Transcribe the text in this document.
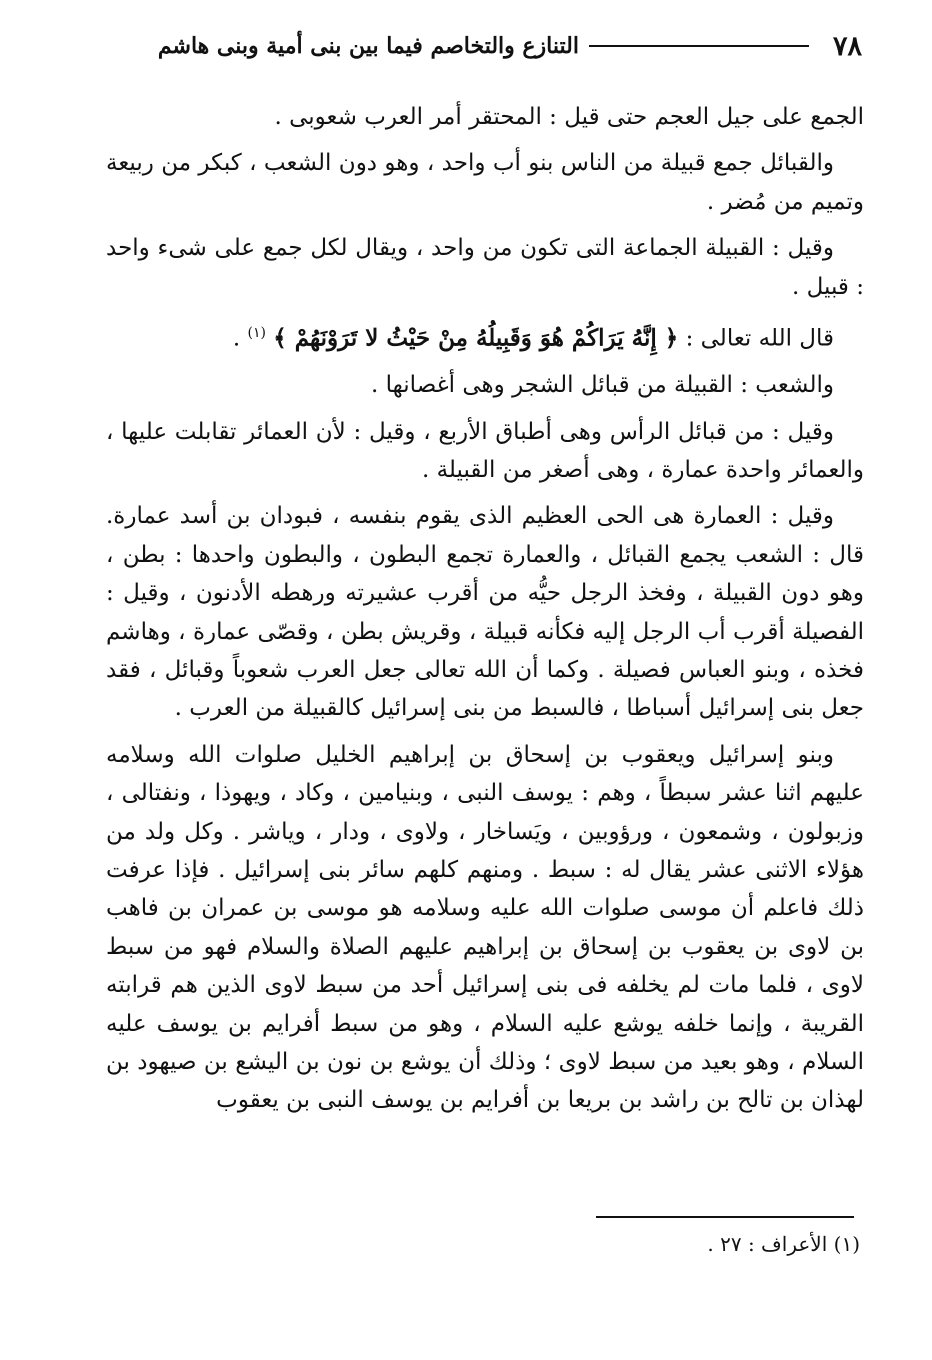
٧٨
التنازع والتخاصم فيما بين بنى أمية وبنى هاشم

الجمع على جيل العجم حتى قيل : المحتقر أمر العرب شعوبى .

والقبائل جمع قبيلة من الناس بنو أب واحد ، وهو دون الشعب ، كبكر من ربيعة وتميم من مُضر .

وقيل : القبيلة الجماعة التى تكون من واحد ، ويقال لكل جمع على شىء واحد : قبيل .

قال الله تعالى : ﴿ إِنَّهُ يَرَاكُمْ هُوَ وَقَبِيلُهُ مِنْ حَيْثُ لا تَرَوْنَهُمْ ﴾ $^{(١)}$ .

والشعب : القبيلة من قبائل الشجر وهى أغصانها .

وقيل : من قبائل الرأس وهى أطباق الأربع ، وقيل : لأن العمائر تقابلت عليها ، والعمائر واحدة عمارة ، وهى أصغر من القبيلة .

وقيل : العمارة هى الحى العظيم الذى يقوم بنفسه ، فبودان بن أسد عمارة. قال : الشعب يجمع القبائل ، والعمارة تجمع البطون ، والبطون واحدها : بطن ، وهو دون القبيلة ، وفخذ الرجل حيُّه من أقرب عشيرته ورهطه الأدنون ، وقيل : الفصيلة أقرب أب الرجل إليه فكأنه قبيلة ، وقريش بطن ، وقصّى عمارة ، وهاشم فخذه ، وبنو العباس فصيلة . وكما أن الله تعالى جعل العرب شعوباً وقبائل ، فقد جعل بنى إسرائيل أسباطا ، فالسبط من بنى إسرائيل كالقبيلة من العرب .

وبنو إسرائيل ويعقوب بن إسحاق بن إبراهيم الخليل صلوات الله وسلامه عليهم اثنا عشر سبطاً ، وهم : يوسف النبى ، وبنيامين ، وكاد ، ويهوذا ، ونفتالى ، وزبولون ، وشمعون ، ورؤوبين ، ويَساخار ، ولاوى ، ودار ، وياشر . وكل ولد من هؤلاء الاثنى عشر يقال له : سبط . ومنهم كلهم سائر بنى إسرائيل . فإذا عرفت ذلك فاعلم أن موسى صلوات الله عليه وسلامه هو موسى بن عمران بن فاهب بن لاوى بن يعقوب بن إسحاق بن إبراهيم عليهم الصلاة والسلام فهو من سبط لاوى ، فلما مات لم يخلفه فى بنى إسرائيل أحد من سبط لاوى الذين هم قرابته القريبة ، وإنما خلفه يوشع عليه السلام ، وهو من سبط أفرايم بن يوسف عليه السلام ، وهو بعيد من سبط لاوى ؛ وذلك أن يوشع بن نون بن اليشع بن صيهود بن لهذان بن تالح بن راشد بن بريعا بن أفرايم بن يوسف النبى بن يعقوب

(١) الأعراف : ٢٧ .
